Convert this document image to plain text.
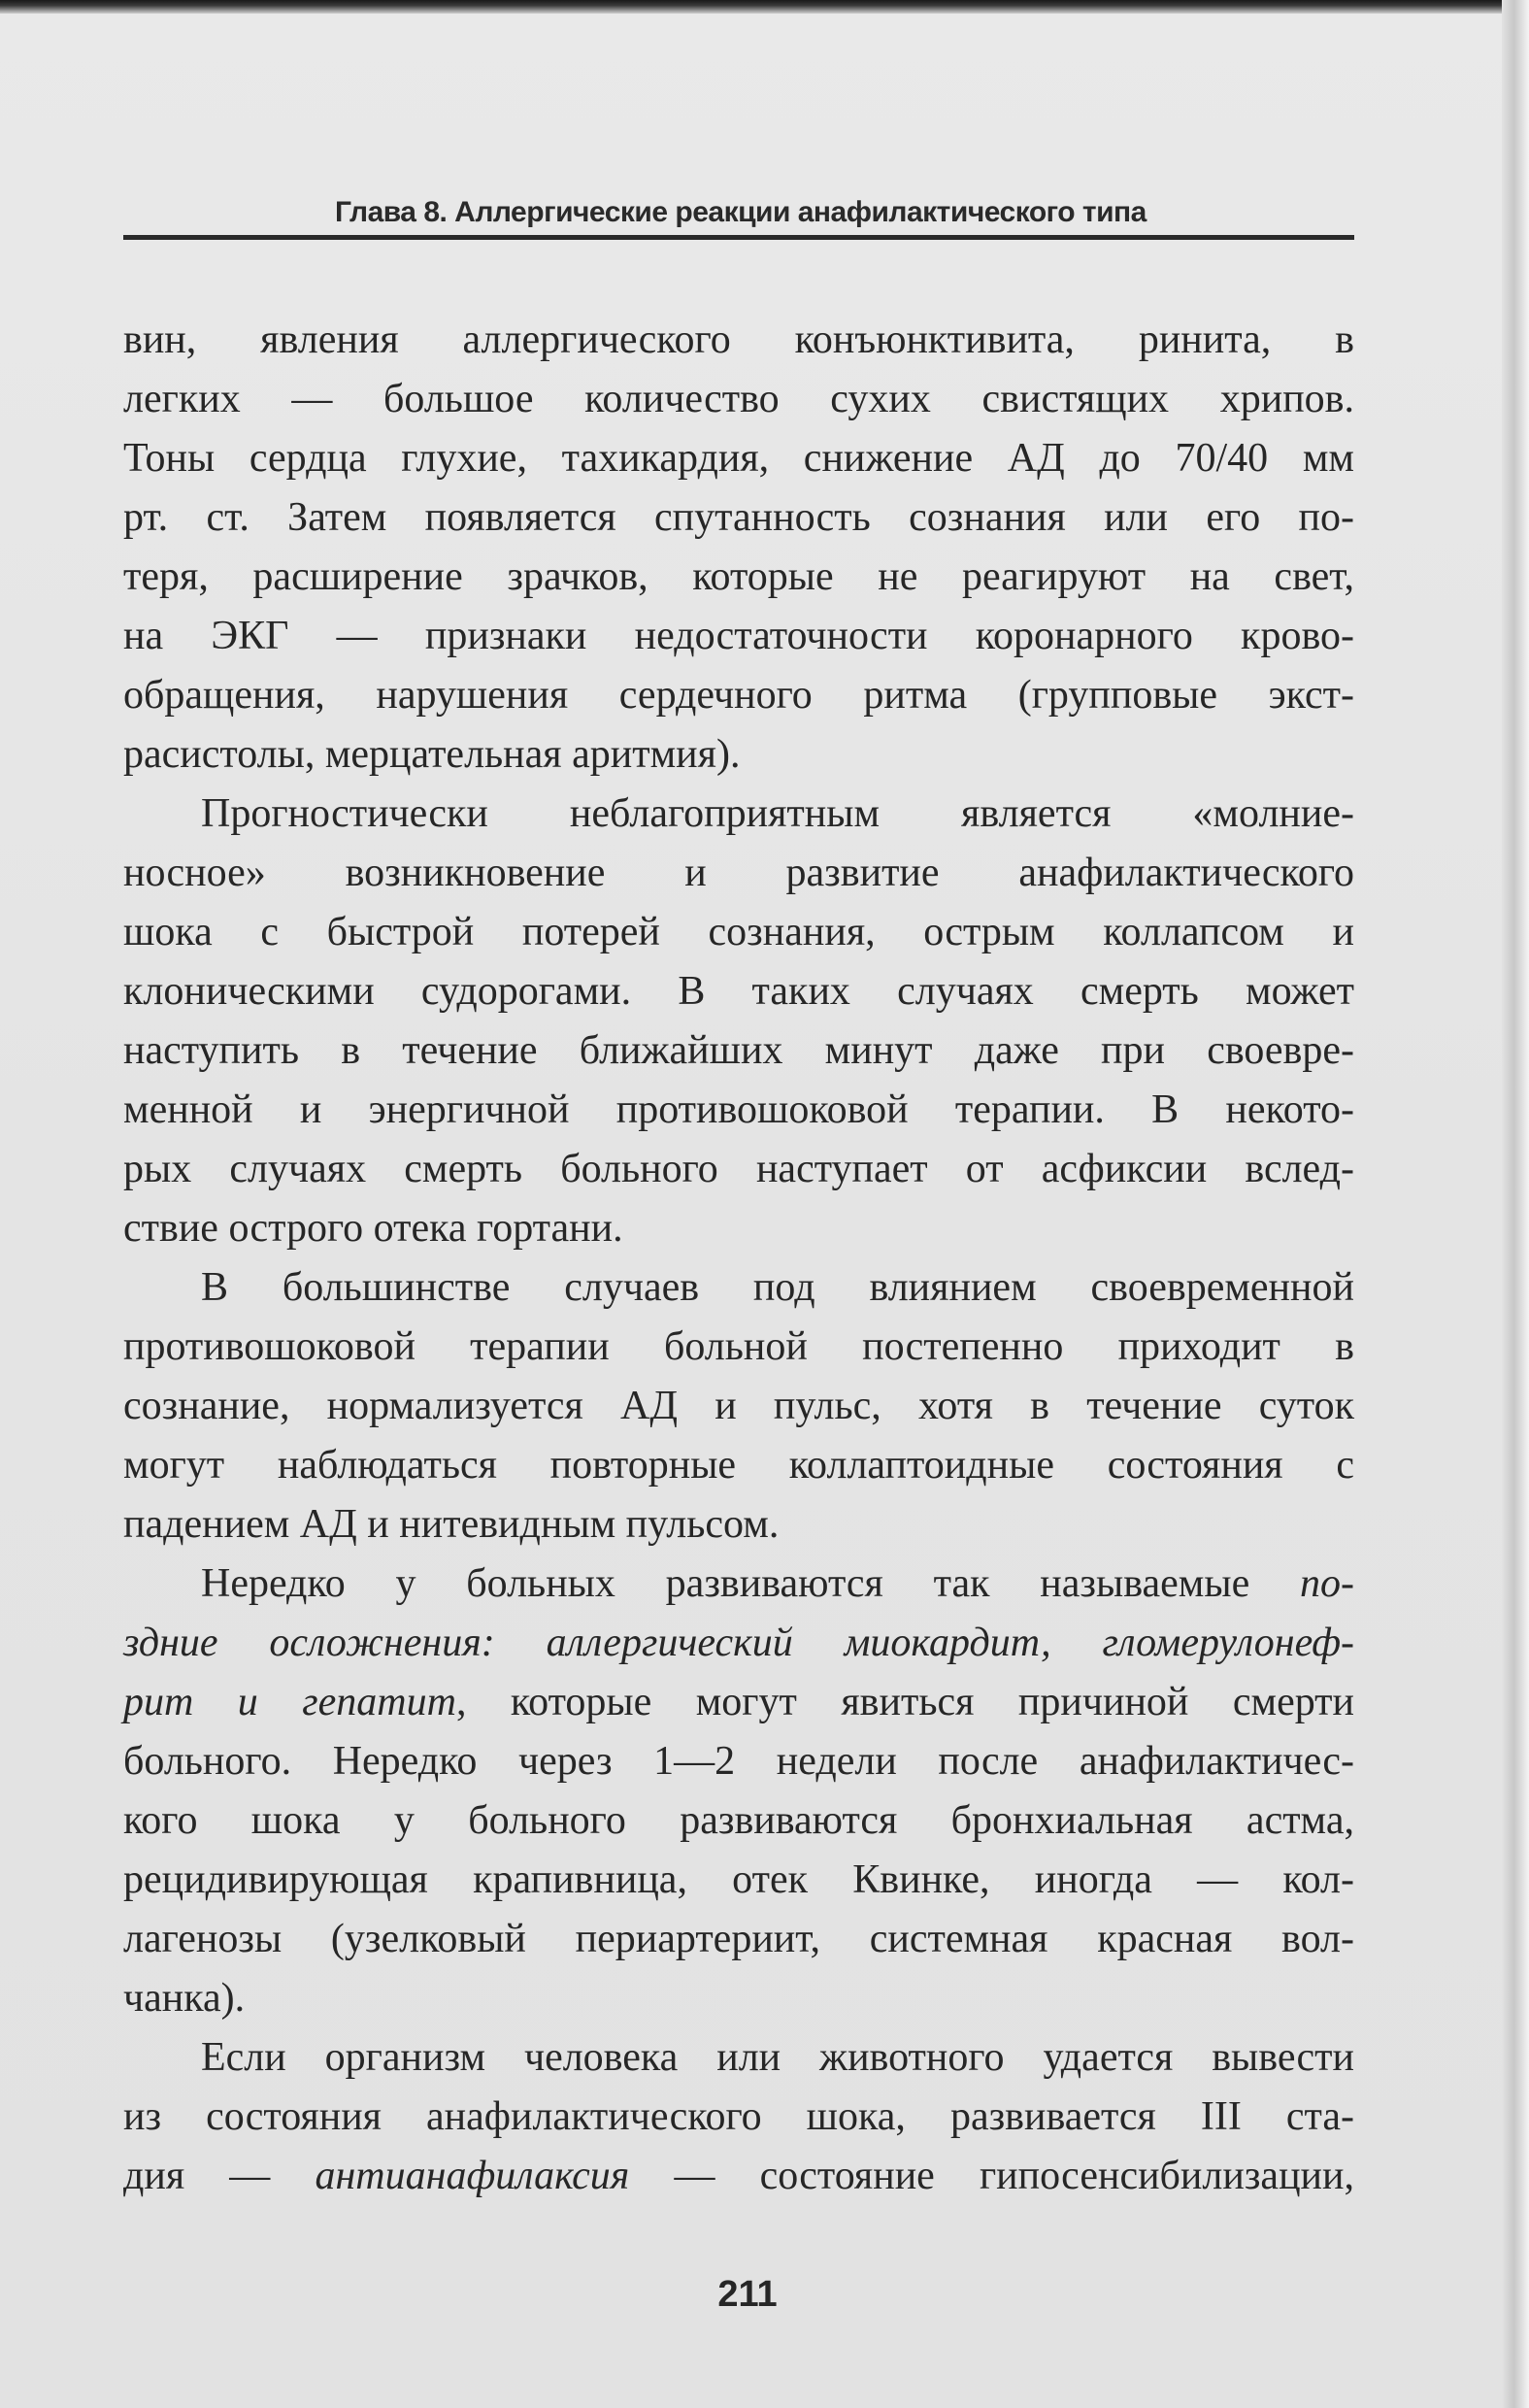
Глава 8. Аллергические реакции анафилактического типа
вин, явления аллергического конъюнктивита, ринита, в
легких — большое количество сухих свистящих хрипов.
Тоны сердца глухие, тахикардия, снижение АД до 70/40 мм
рт. ст. Затем появляется спутанность сознания или его по-
теря, расширение зрачков, которые не реагируют на свет,
на ЭКГ — признаки недостаточности коронарного крово-
обращения, нарушения сердечного ритма (групповые экст-
расистолы, мерцательная аритмия).
Прогностически неблагоприятным является «молние-
носное» возникновение и развитие анафилактического
шока с быстрой потерей сознания, острым коллапсом и
клоническими судорогами. В таких случаях смерть может
наступить в течение ближайших минут даже при своевре-
менной и энергичной противошоковой терапии. В некото-
рых случаях смерть больного наступает от асфиксии вслед-
ствие острого отека гортани.
В большинстве случаев под влиянием своевременной
противошоковой терапии больной постепенно приходит в
сознание, нормализуется АД и пульс, хотя в течение суток
могут наблюдаться повторные коллаптоидные состояния с
падением АД и нитевидным пульсом.
Нередко у больных развиваются так называемые по-
здние осложнения: аллергический миокардит, гломерулонеф-
рит и гепатит, которые могут явиться причиной смерти
больного. Нередко через 1—2 недели после анафилактичес-
кого шока у больного развиваются бронхиальная астма,
рецидивирующая крапивница, отек Квинке, иногда — кол-
лагенозы (узелковый периартериит, системная красная вол-
чанка).
Если организм человека или животного удается вывести
из состояния анафилактического шока, развивается III ста-
дия — антианафилаксия — состояние гипосенсибилизации,
211
